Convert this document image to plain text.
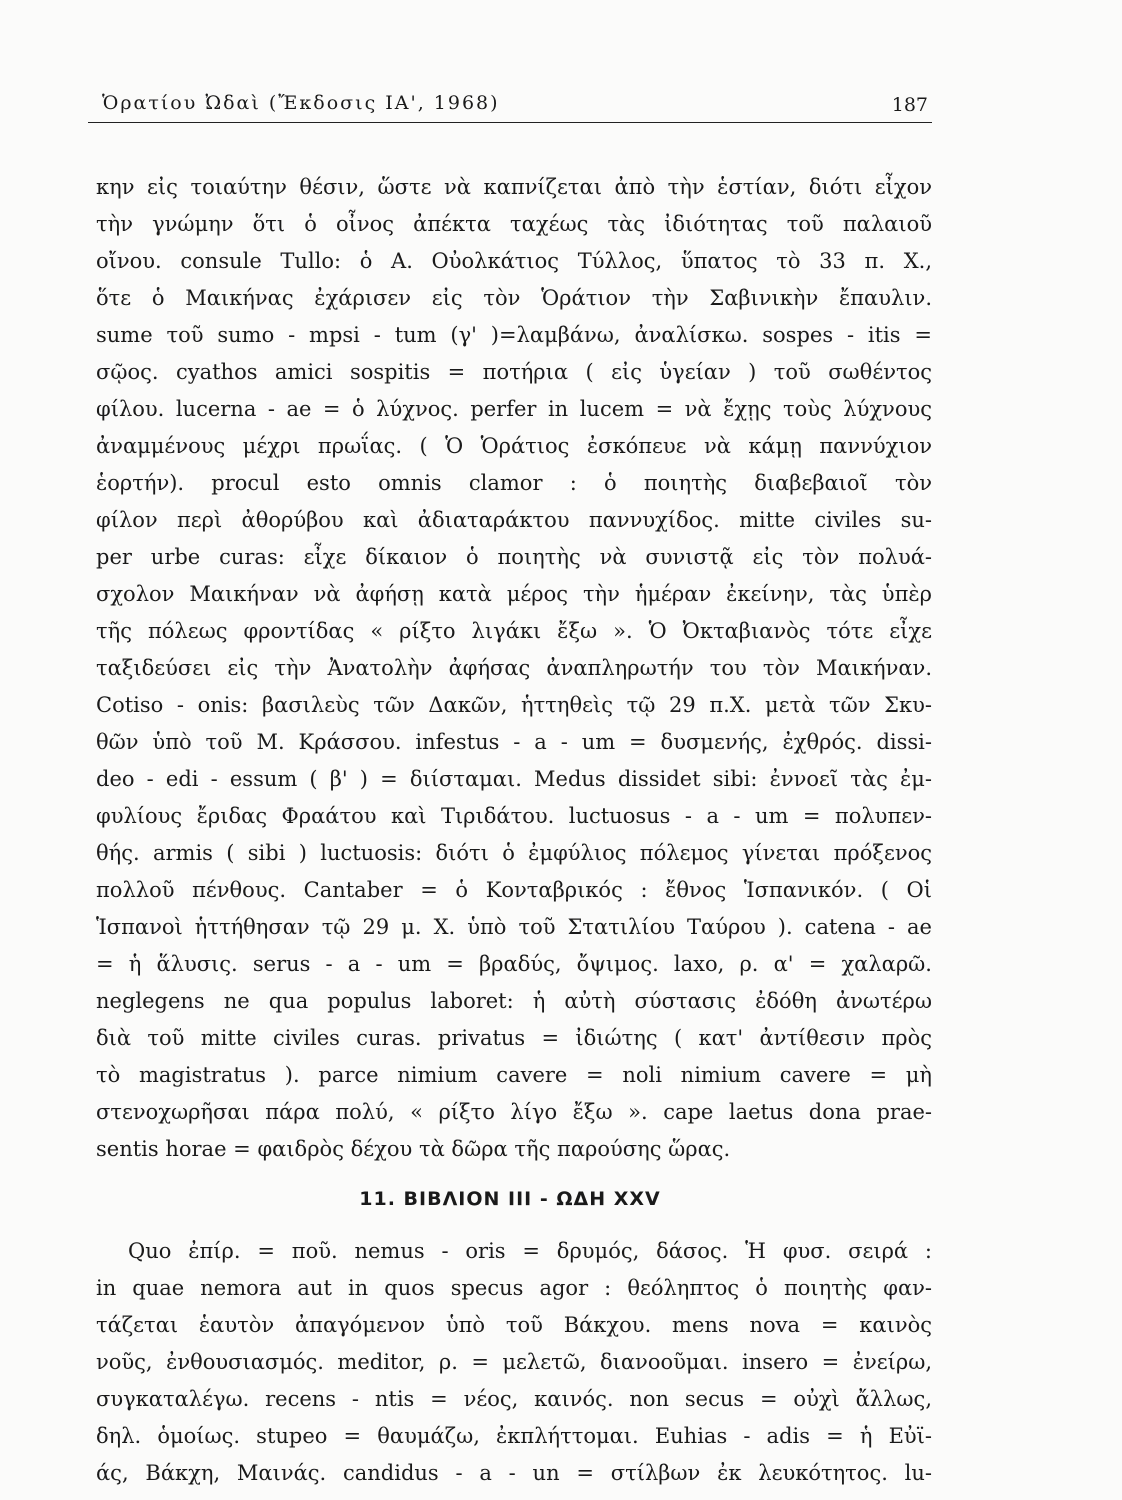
Ὁρατίου Ὠδαὶ (Ἔκδοσις ΙΑ', 1968)	187
κην εἰς τοιαύτην θέσιν, ὥστε νὰ καπνίζεται ἀπὸ τὴν ἑστίαν, διότι εἶχον
τὴν γνώμην ὅτι ὁ οἶνος ἀπέκτα ταχέως τὰς ἰδιότητας τοῦ παλαιοῦ
οἴνου. consule Tullo: ὁ Α. Οὐολκάτιος Τύλλος, ὕπατος τὸ 33 π. Χ.,
ὅτε ὁ Μαικήνας ἐχάρισεν εἰς τὸν Ὁράτιον τὴν Σαβινικὴν ἔπαυλιν.
sume τοῦ sumo - mpsi - tum (γ' )=λαμβάνω, ἀναλίσκω. sospes - itis =
σῷος. cyathos amici sospitis = ποτήρια ( εἰς ὑγείαν ) τοῦ σωθέντος
φίλου. lucerna - ae = ὁ λύχνος. perfer in lucem = νὰ ἔχῃς τοὺς λύχνους
ἀναμμένους μέχρι πρωΐας. ( Ὁ Ὁράτιος ἐσκόπευε νὰ κάμῃ παννύχιον
ἑορτήν). procul esto omnis clamor : ὁ ποιητὴς διαβεβαιοῖ τὸν
φίλον περὶ ἀθορύβου καὶ ἀδιαταράκτου παννυχίδος. mitte civiles su-
per urbe curas: εἶχε δίκαιον ὁ ποιητὴς νὰ συνιστᾷ εἰς τὸν πολυά-
σχολον Μαικήναν νὰ ἀφήσῃ κατὰ μέρος τὴν ἡμέραν ἐκείνην, τὰς ὑπὲρ
τῆς πόλεως φροντίδας « ρίξτο λιγάκι ἔξω ». Ὁ Ὀκταβιανὸς τότε εἶχε
ταξιδεύσει εἰς τὴν Ἀνατολὴν ἀφήσας ἀναπληρωτήν του τὸν Μαικήναν.
Cotiso - onis: βασιλεὺς τῶν Δακῶν, ἡττηθεὶς τῷ 29 π.Χ. μετὰ τῶν Σκυ-
θῶν ὑπὸ τοῦ Μ. Κράσσου. infestus - a - um = δυσμενής, ἐχθρός. dissi-
deo - edi - essum ( β' ) = διίσταμαι. Medus dissidet sibi: ἐννοεῖ τὰς ἐμ-
φυλίους ἔριδας Φραάτου καὶ Τιριδάτου. luctuosus - a - um = πολυπεν-
θής. armis ( sibi ) luctuosis: διότι ὁ ἐμφύλιος πόλεμος γίνεται πρόξενος
πολλοῦ πένθους. Cantaber = ὁ Κονταβρικός : ἔθνος Ἱσπανικόν. ( Οἱ
Ἱσπανοὶ ἡττήθησαν τῷ 29 μ. Χ. ὑπὸ τοῦ Στατιλίου Ταύρου ). catena - ae
= ἡ ἅλυσις. serus - a - um = βραδύς, ὄψιμος. laxo, ρ. α' = χαλαρῶ.
neglegens ne qua populus laboret: ἡ αὐτὴ σύστασις ἐδόθη ἀνωτέρω
διὰ τοῦ mitte civiles curas. privatus = ἰδιώτης ( κατ' ἀντίθεσιν πρὸς
τὸ magistratus ). parce nimium cavere = noli nimium cavere = μὴ
στενοχωρῆσαι πάρα πολύ, « ρίξτο λίγο ἔξω ». cape laetus dona prae-
sentis horae = φαιδρὸς δέχου τὰ δῶρα τῆς παρούσης ὥρας.
11. ΒΙΒΛΙΟΝ ΙΙΙ - ΩΔΗ XXV
Quo ἐπίρ. = ποῦ. nemus - oris = δρυμός, δάσος. Ἡ φυσ. σειρά :
in quae nemora aut in quos specus agor : θεόληπτος ὁ ποιητὴς φαν-
τάζεται ἑαυτὸν ἀπαγόμενον ὑπὸ τοῦ Βάκχου. mens nova = καινὸς
νοῦς, ἐνθουσιασμός. meditor, ρ. = μελετῶ, διανοοῦμαι. insero = ἐνείρω,
συγκαταλέγω. recens - ntis = νέος, καινός. non secus = οὐχὶ ἄλλως,
δηλ. ὁμοίως. stupeo = θαυμάζω, ἐκπλήττομαι. Euhias - adis = ἡ Εὐϊ-
άς, Βάκχη, Μαινάς. candidus - a - un = στίλβων ἐκ λευκότητος. lu-
